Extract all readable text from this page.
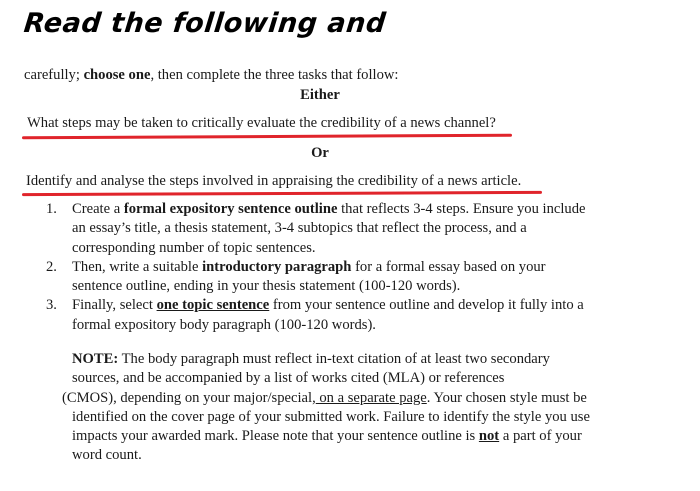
Read the following and
carefully; choose one, then complete the three tasks that follow:
Either
What steps may be taken to critically evaluate the credibility of a news channel?
Or
Identify and analyse the steps involved in appraising the credibility of a news article.
1. Create a formal expository sentence outline that reflects 3-4 steps. Ensure you include
an essay’s title, a thesis statement, 3-4 subtopics that reflect the process, and a
corresponding number of topic sentences.
2. Then, write a suitable introductory paragraph for a formal essay based on your
sentence outline, ending in your thesis statement (100-120 words).
3. Finally, select one topic sentence from your sentence outline and develop it fully into a
formal expository body paragraph (100-120 words).
NOTE: The body paragraph must reflect in-text citation of at least two secondary
sources, and be accompanied by a list of works cited (MLA) or references
(CMOS), depending on your major/special, on a separate page. Your chosen style must be
identified on the cover page of your submitted work. Failure to identify the style you use
impacts your awarded mark. Please note that your sentence outline is not a part of your
word count.
